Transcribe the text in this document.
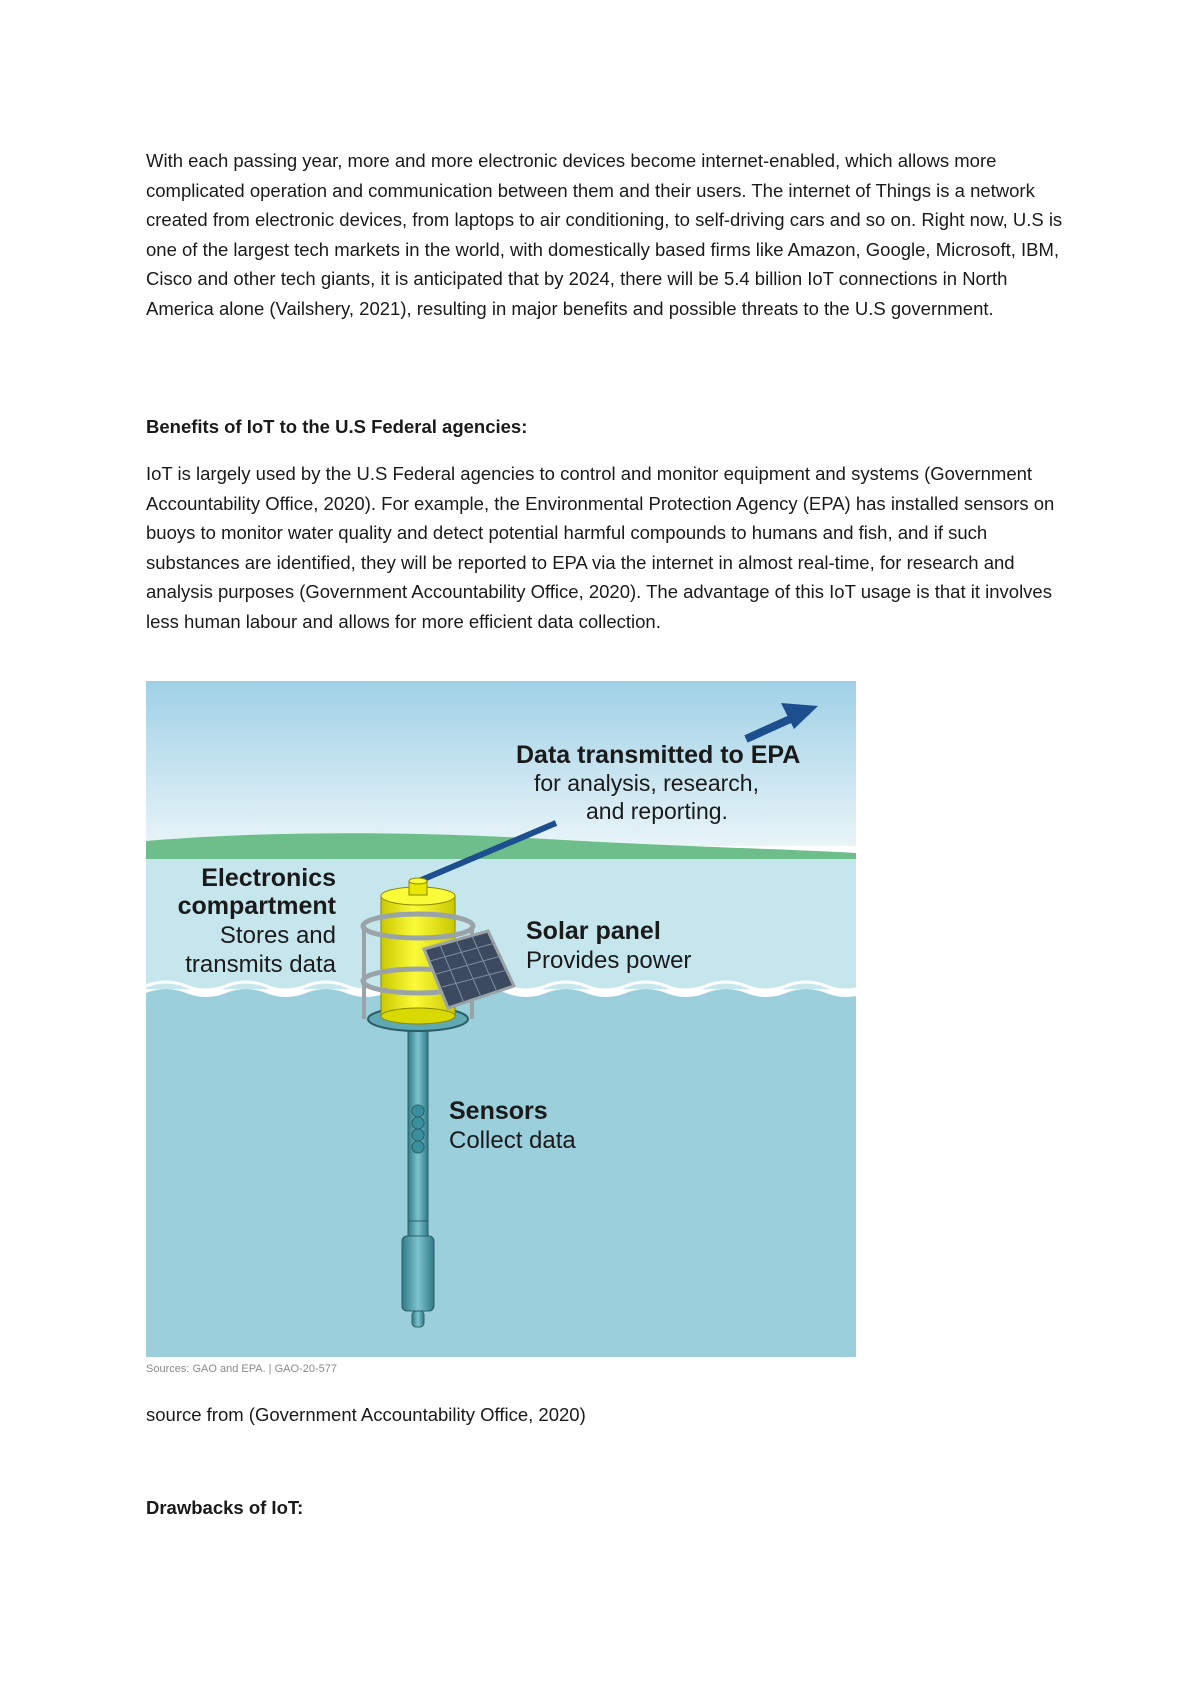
With each passing year, more and more electronic devices become internet-enabled, which allows more complicated operation and communication between them and their users. The internet of Things is a network created from electronic devices, from laptops to air conditioning, to self-driving cars and so on. Right now, U.S is one of the largest tech markets in the world, with domestically based firms like Amazon, Google, Microsoft, IBM, Cisco and other tech giants, it is anticipated that by 2024, there will be 5.4 billion IoT connections in North America alone (Vailshery, 2021), resulting in major benefits and possible threats to the U.S government.

Benefits of IoT to the U.S Federal agencies:

IoT is largely used by the U.S Federal agencies to control and monitor equipment and systems (Government Accountability Office, 2020). For example, the Environmental Protection Agency (EPA) has installed sensors on buoys to monitor water quality and detect potential harmful compounds to humans and fish, and if such substances are identified, they will be reported to EPA via the internet in almost real-time, for research and analysis purposes (Government Accountability Office, 2020). The advantage of this IoT usage is that it involves less human labour and allows for more efficient data collection.

Data transmitted to EPA
for analysis, research,
and reporting.
Electronics
compartment
Stores and
transmits data
Solar panel
Provides power
Sensors
Collect data
Sources: GAO and EPA. | GAO-20-577
source from (Government Accountability Office, 2020)

Drawbacks of IoT:
